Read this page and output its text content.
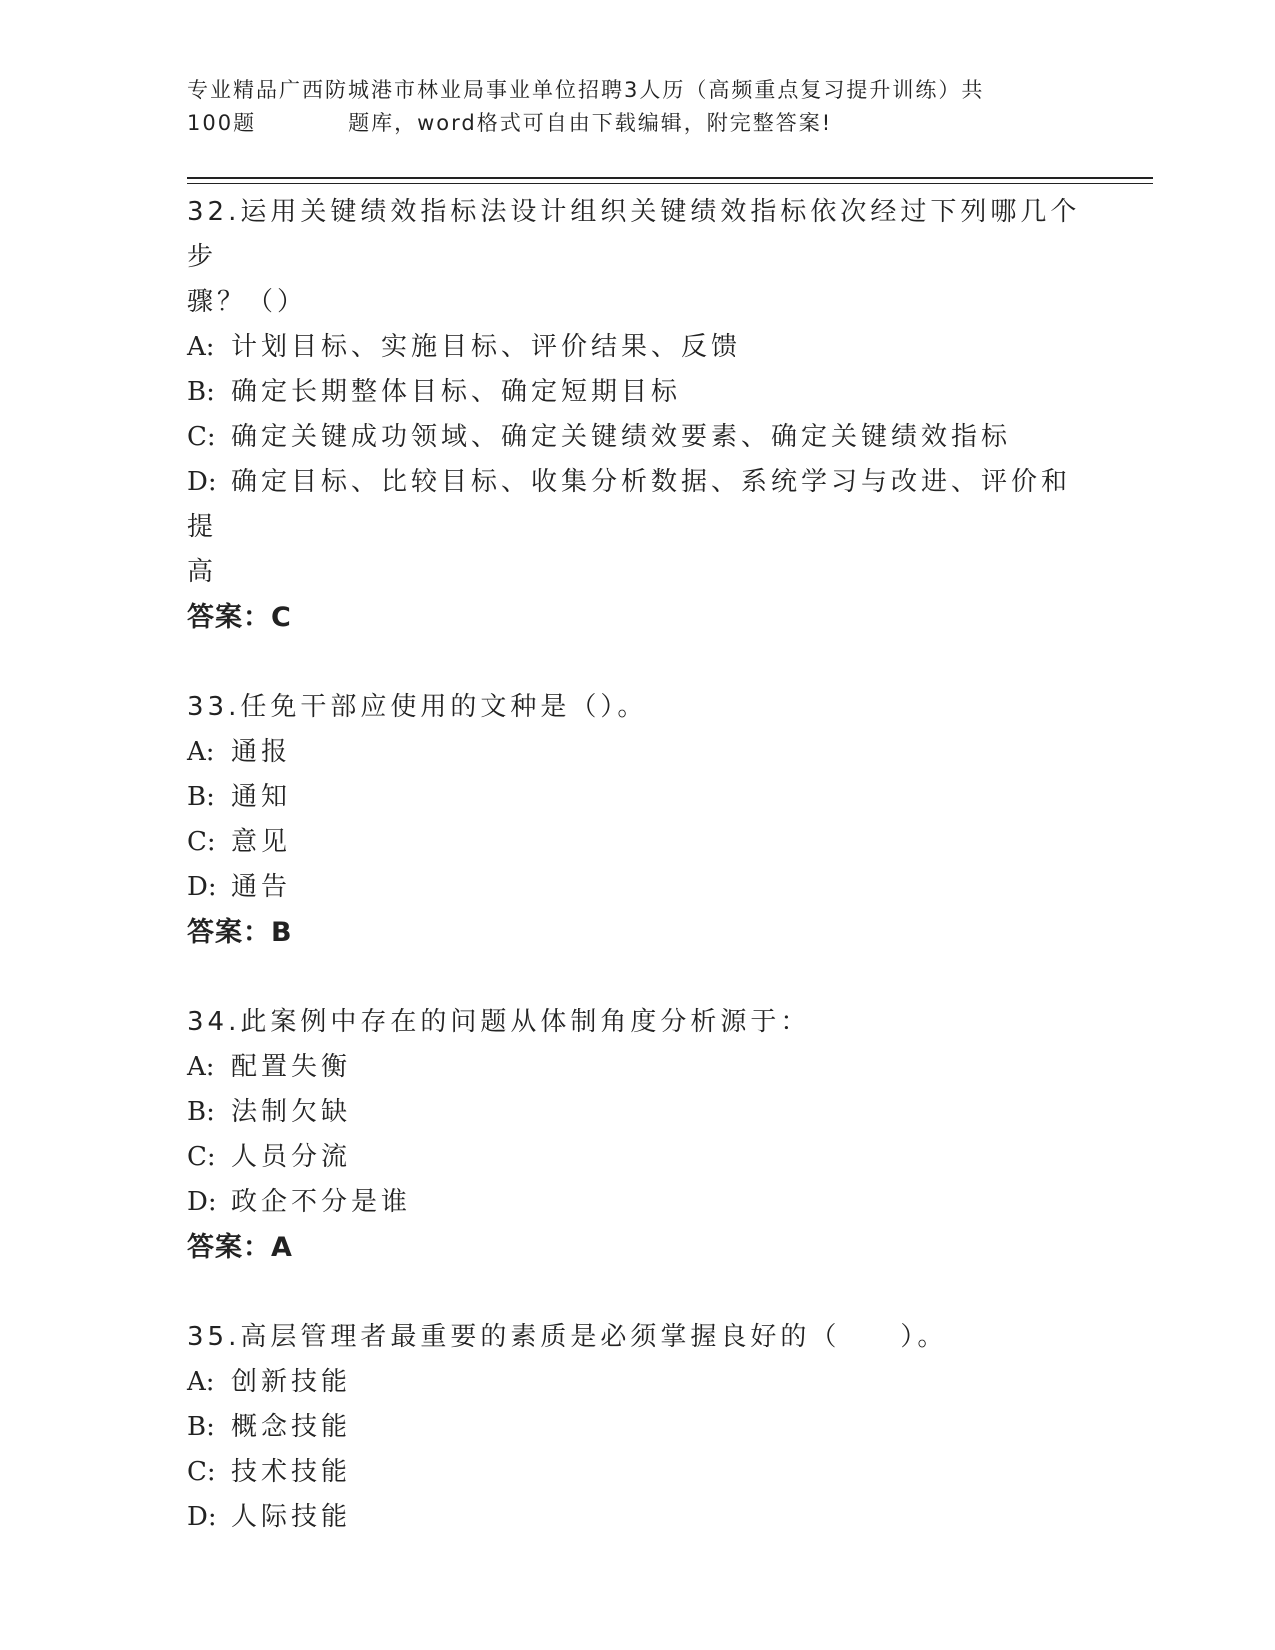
专业精品广西防城港市林业局事业单位招聘3人历（高频重点复习提升训练）共
100题	题库，word格式可自由下载编辑，附完整答案!

32.运用关键绩效指标法设计组织关键绩效指标依次经过下列哪几个步

骤？（）

A: 计划目标、实施目标、评价结果、反馈

B: 确定长期整体目标、确定短期目标

C: 确定关键成功领域、确定关键绩效要素、确定关键绩效指标

D: 确定目标、比较目标、收集分析数据、系统学习与改进、评价和提

高

答案：C

33.任免干部应使用的文种是（）。

A: 通报

B: 通知

C: 意见

D: 通告

答案：B

34.此案例中存在的问题从体制角度分析源于：

A: 配置失衡

B: 法制欠缺

C: 人员分流

D: 政企不分是谁

答案：A

35.高层管理者最重要的素质是必须掌握良好的（　　）。

A: 创新技能

B: 概念技能

C: 技术技能

D: 人际技能
